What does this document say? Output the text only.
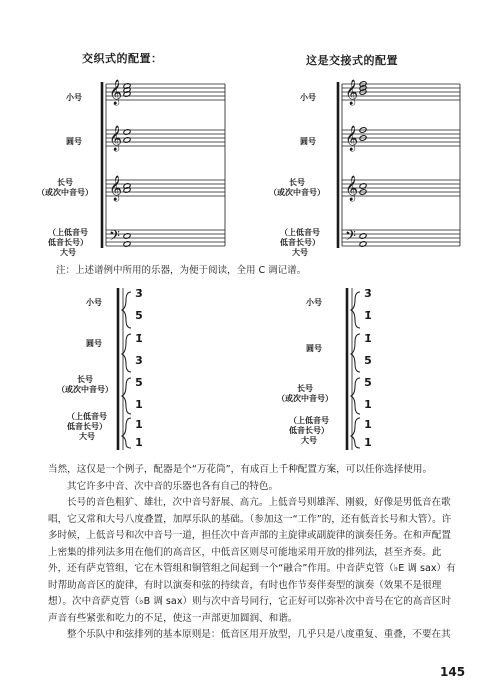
交织式的配置：	这是交接式的配置
小号
圆号
长号
（或次中音号）
（上低音号
低音长号）
大号
小号
圆号
长号
（或次中音号）
（上低音号
低音长号）
大号
𝄞
𝄞
𝄞
𝄢
𝄞
𝄞
𝄞
𝄢
注：上述谱例中所用的乐器，为便于阅读，全用 C 调记谱。
小号
圆号
长号
（或次中音号）
（上低音号
低音长号）
大号
小号
圆号
长号
（或次中音号）
（上低音号
低音长号）
大号
3̇
5
1̇
3
5
1
1
1
3̇
1̇
1̇
5
5
1
1
1

当然，这仅是一个例子，配器是个“万花筒”，有成百上千种配置方案，可以任你选择使用。

其它许多中音、次中音的乐器也各有自己的特色。

长号的音色粗犷、雄壮，次中音号舒展、高亢。上低音号则雄浑、刚毅，好像是男低音在歌唱，它又常和大号八度叠置，加厚乐队的基础。（参加这一“工作”的，还有低音长号和大管）。许多时候，上低音号和次中音号一道，担任次中音声部的主旋律或副旋律的演奏任务。在和声配置上密集的排列法多用在他们的高音区，中低音区则尽可能地采用开放的排列法，甚至齐奏。此外，还有萨克管组，它在木管组和铜管组之间起到一个“融合”作用。中音萨克管（♭E 调 sax）有时帮助高音区的旋律，有时以演奏和弦的持续音，有时也作节奏伴奏型的演奏（效果不是很理想）。次中音萨克管（♭B 调 sax）则与次中音号同行，它正好可以弥补次中音号在它的高音区时声音有些紧张和吃力的不足，使这一声部更加圆润、和谐。

整个乐队中和弦排列的基本原则是：低音区用开放型，几乎只是八度重复、重叠，不要在其

145
